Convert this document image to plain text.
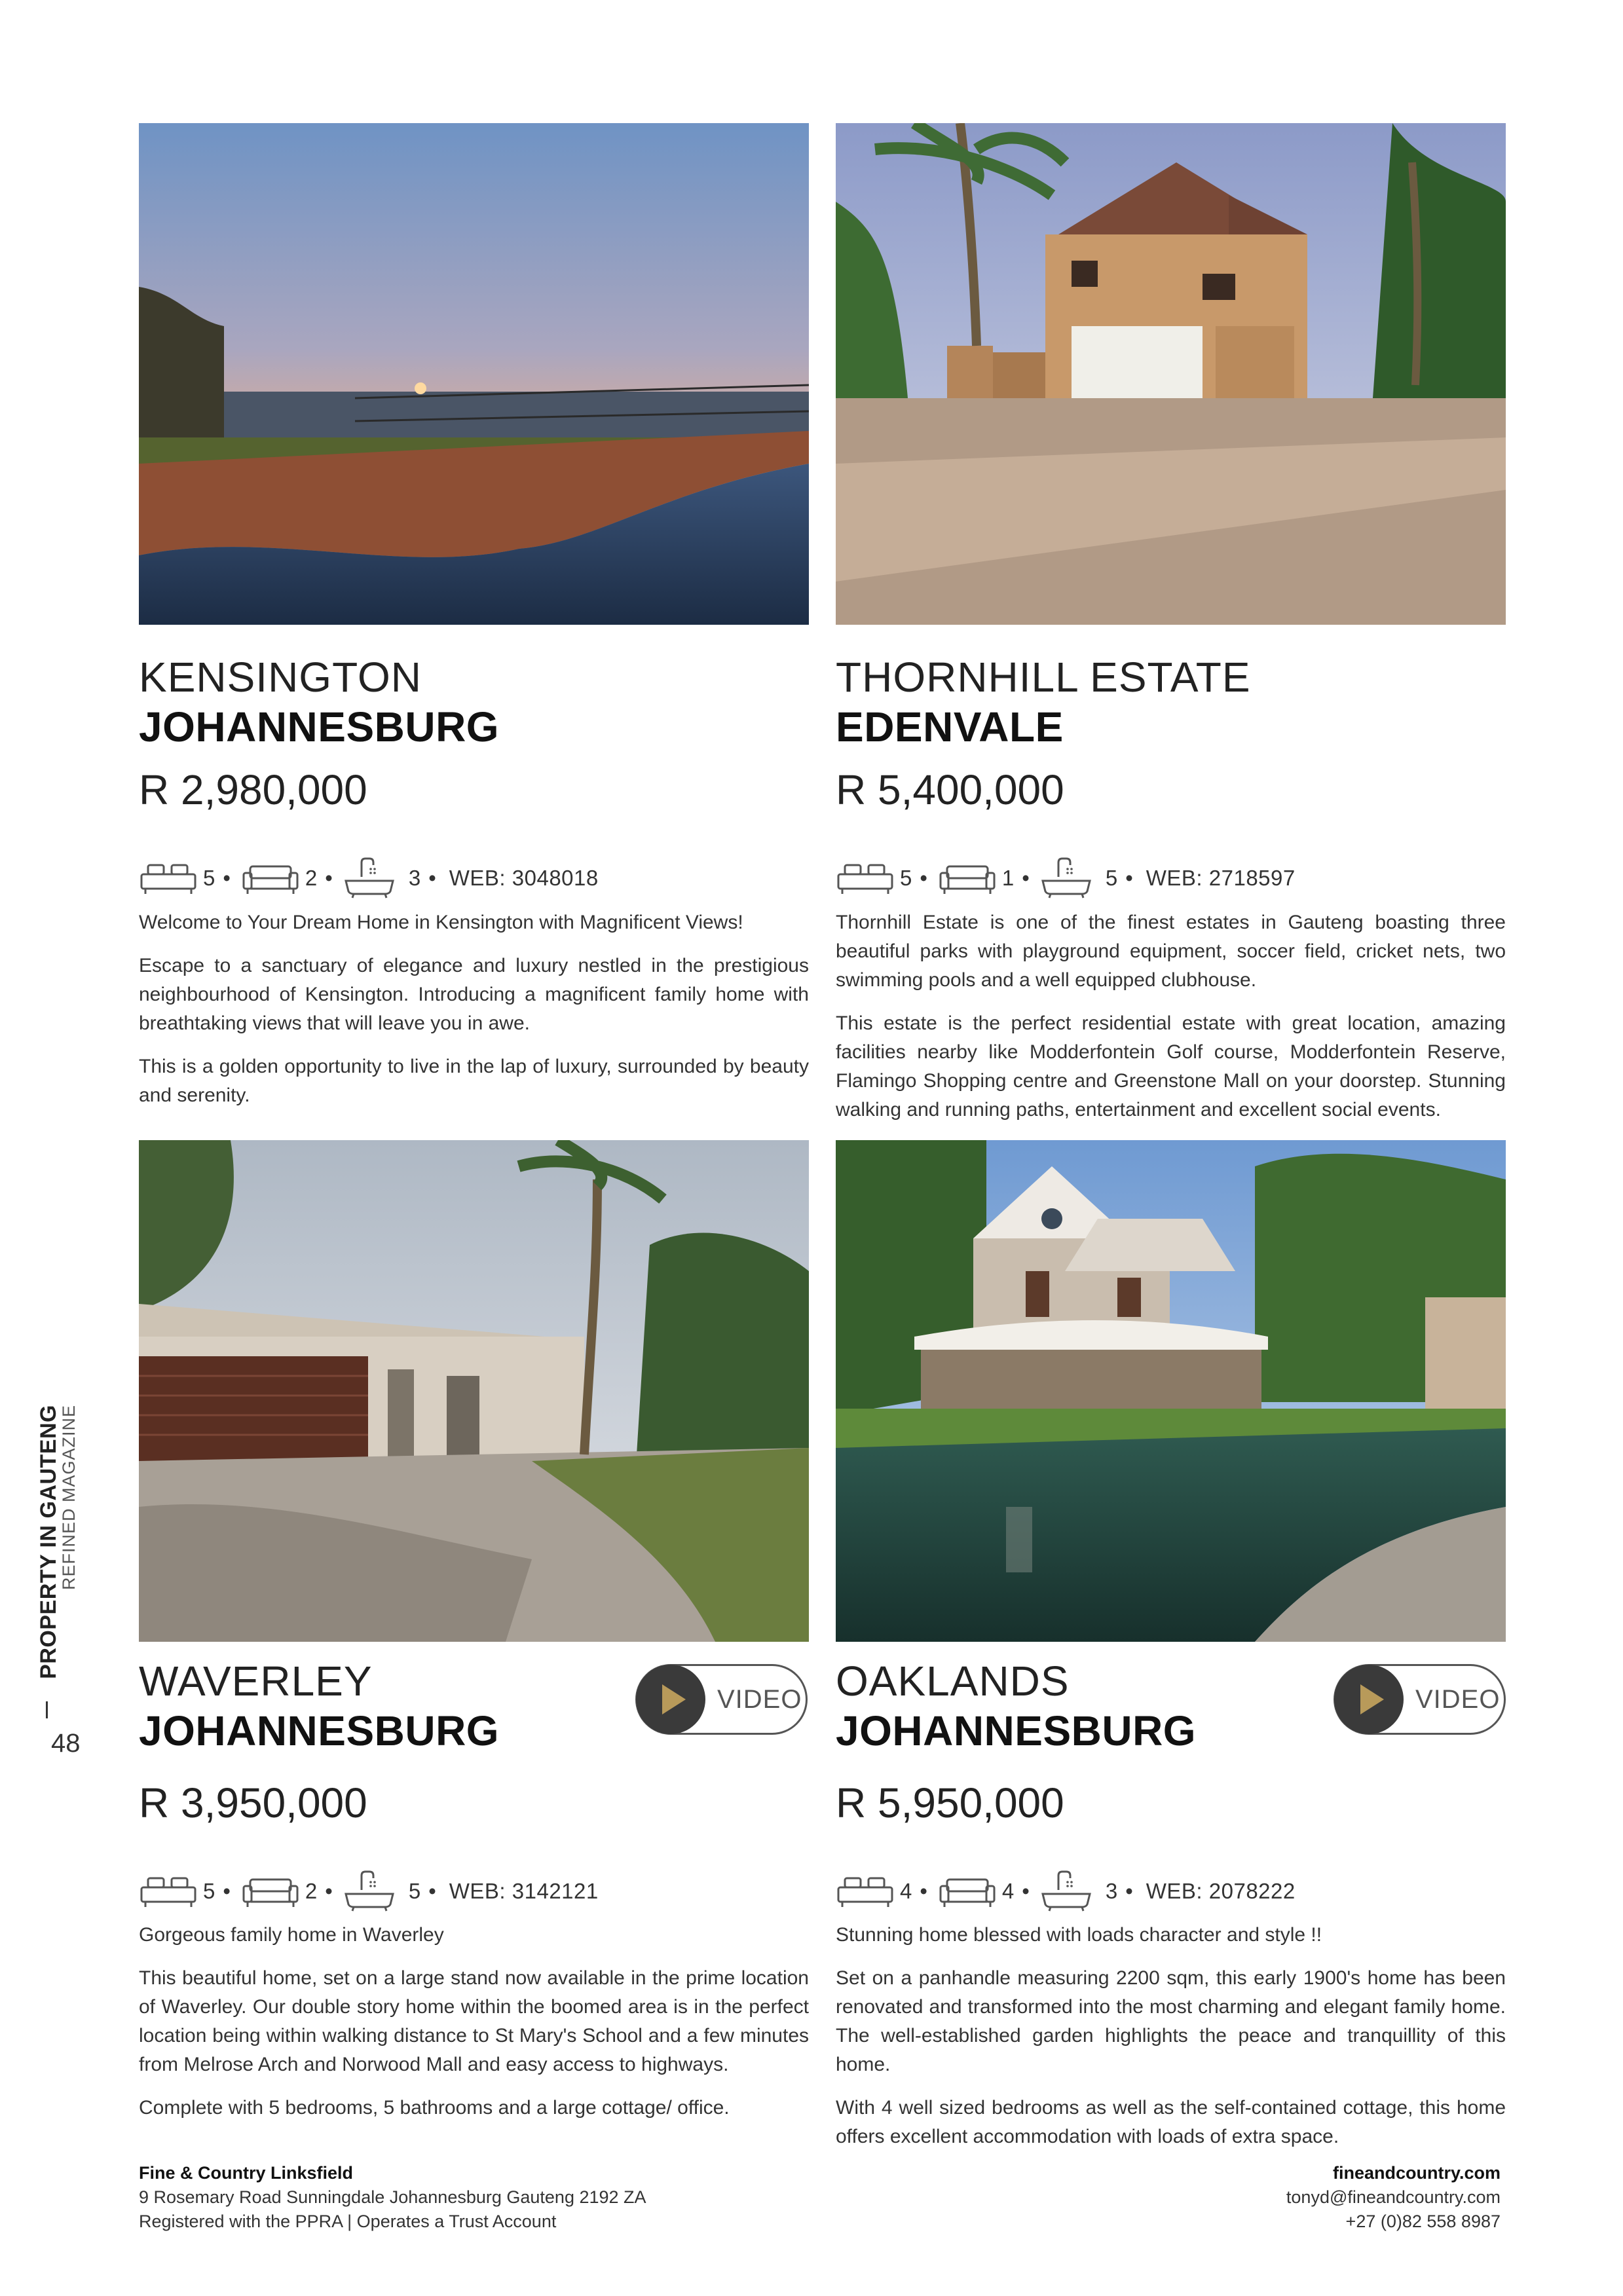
KENSINGTON
JOHANNESBURG
R 2,980,000
5 •	2 •	3 • WEB: 3048018

Welcome to Your Dream Home in Kensington with Magnificent Views!

Escape to a sanctuary of elegance and luxury nestled in the prestigious neighbourhood of Kensington. Introducing a magnificent family home with breathtaking views that will leave you in awe.

This is a golden opportunity to live in the lap of luxury, surrounded by beauty and serenity.

THORNHILL ESTATE
EDENVALE
R 5,400,000
5 •	1 •	5 • WEB: 2718597

Thornhill Estate is one of the finest estates in Gauteng boasting three beautiful parks with playground equipment, soccer field, cricket nets, two swimming pools and a well equipped clubhouse.

This estate is the perfect residential estate with great location, amazing facilities nearby like Modderfontein Golf course, Modderfontein Reserve, Flamingo Shopping centre and Greenstone Mall on your doorstep. Stunning walking and running paths, entertainment and excellent social events.

WAVERLEY
JOHANNESBURG
VIDEO
R 3,950,000
5 •	2 •	5 • WEB: 3142121

Gorgeous family home in Waverley

This beautiful home, set on a large stand now available in the prime location of Waverley. Our double story home within the boomed area is in the perfect location being within walking distance to St Mary's School and a few minutes from Melrose Arch and Norwood Mall and easy access to highways.

Complete with 5 bedrooms, 5 bathrooms and a large cottage/ office.

OAKLANDS
JOHANNESBURG
VIDEO
R 5,950,000
4 •	4 •	3 • WEB: 2078222

Stunning home blessed with loads character and style !!

Set on a panhandle measuring 2200 sqm, this early 1900's home has been renovated and transformed into the most charming and elegant family home. The well-established garden highlights the peace and tranquillity of this home.

With 4 well sized bedrooms as well as the self-contained cottage, this home offers excellent accommodation with loads of extra space.

PROPERTY IN GAUTENG
REFINED MAGAZINE
48
Fine & Country Linksfield
9 Rosemary Road Sunningdale Johannesburg Gauteng 2192 ZA
Registered with the PPRA | Operates a Trust Account
fineandcountry.com
tonyd@fineandcountry.com
+27 (0)82 558 8987
